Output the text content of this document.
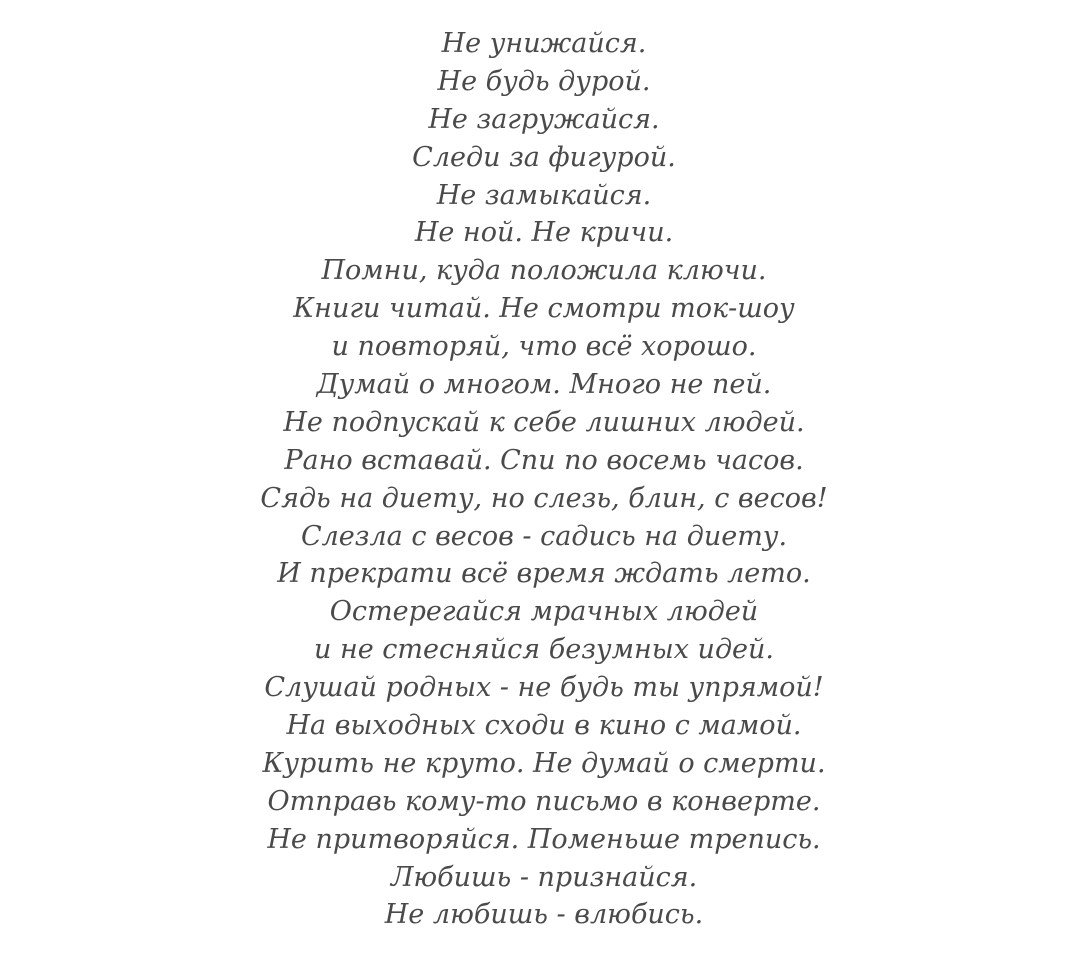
Не унижайся.
Не будь дурой.
Не загружайся.
Следи за фигурой.
Не замыкайся.
Не ной. Не кричи.
Помни, куда положила ключи.
Книги читай. Не смотри ток-шоу
и повторяй, что всё хорошо.
Думай о многом. Много не пей.
Не подпускай к себе лишних людей.
Рано вставай. Спи по восемь часов.
Сядь на диету, но слезь, блин, с весов!
Слезла с весов - садись на диету.
И прекрати всё время ждать лето.
Остерегайся мрачных людей
и не стесняйся безумных идей.
Слушай родных - не будь ты упрямой!
На выходных сходи в кино с мамой.
Курить не круто. Не думай о смерти.
Отправь кому-то письмо в конверте.
Не притворяйся. Поменьше трепись.
Любишь - признайся.
Не любишь - влюбись.
